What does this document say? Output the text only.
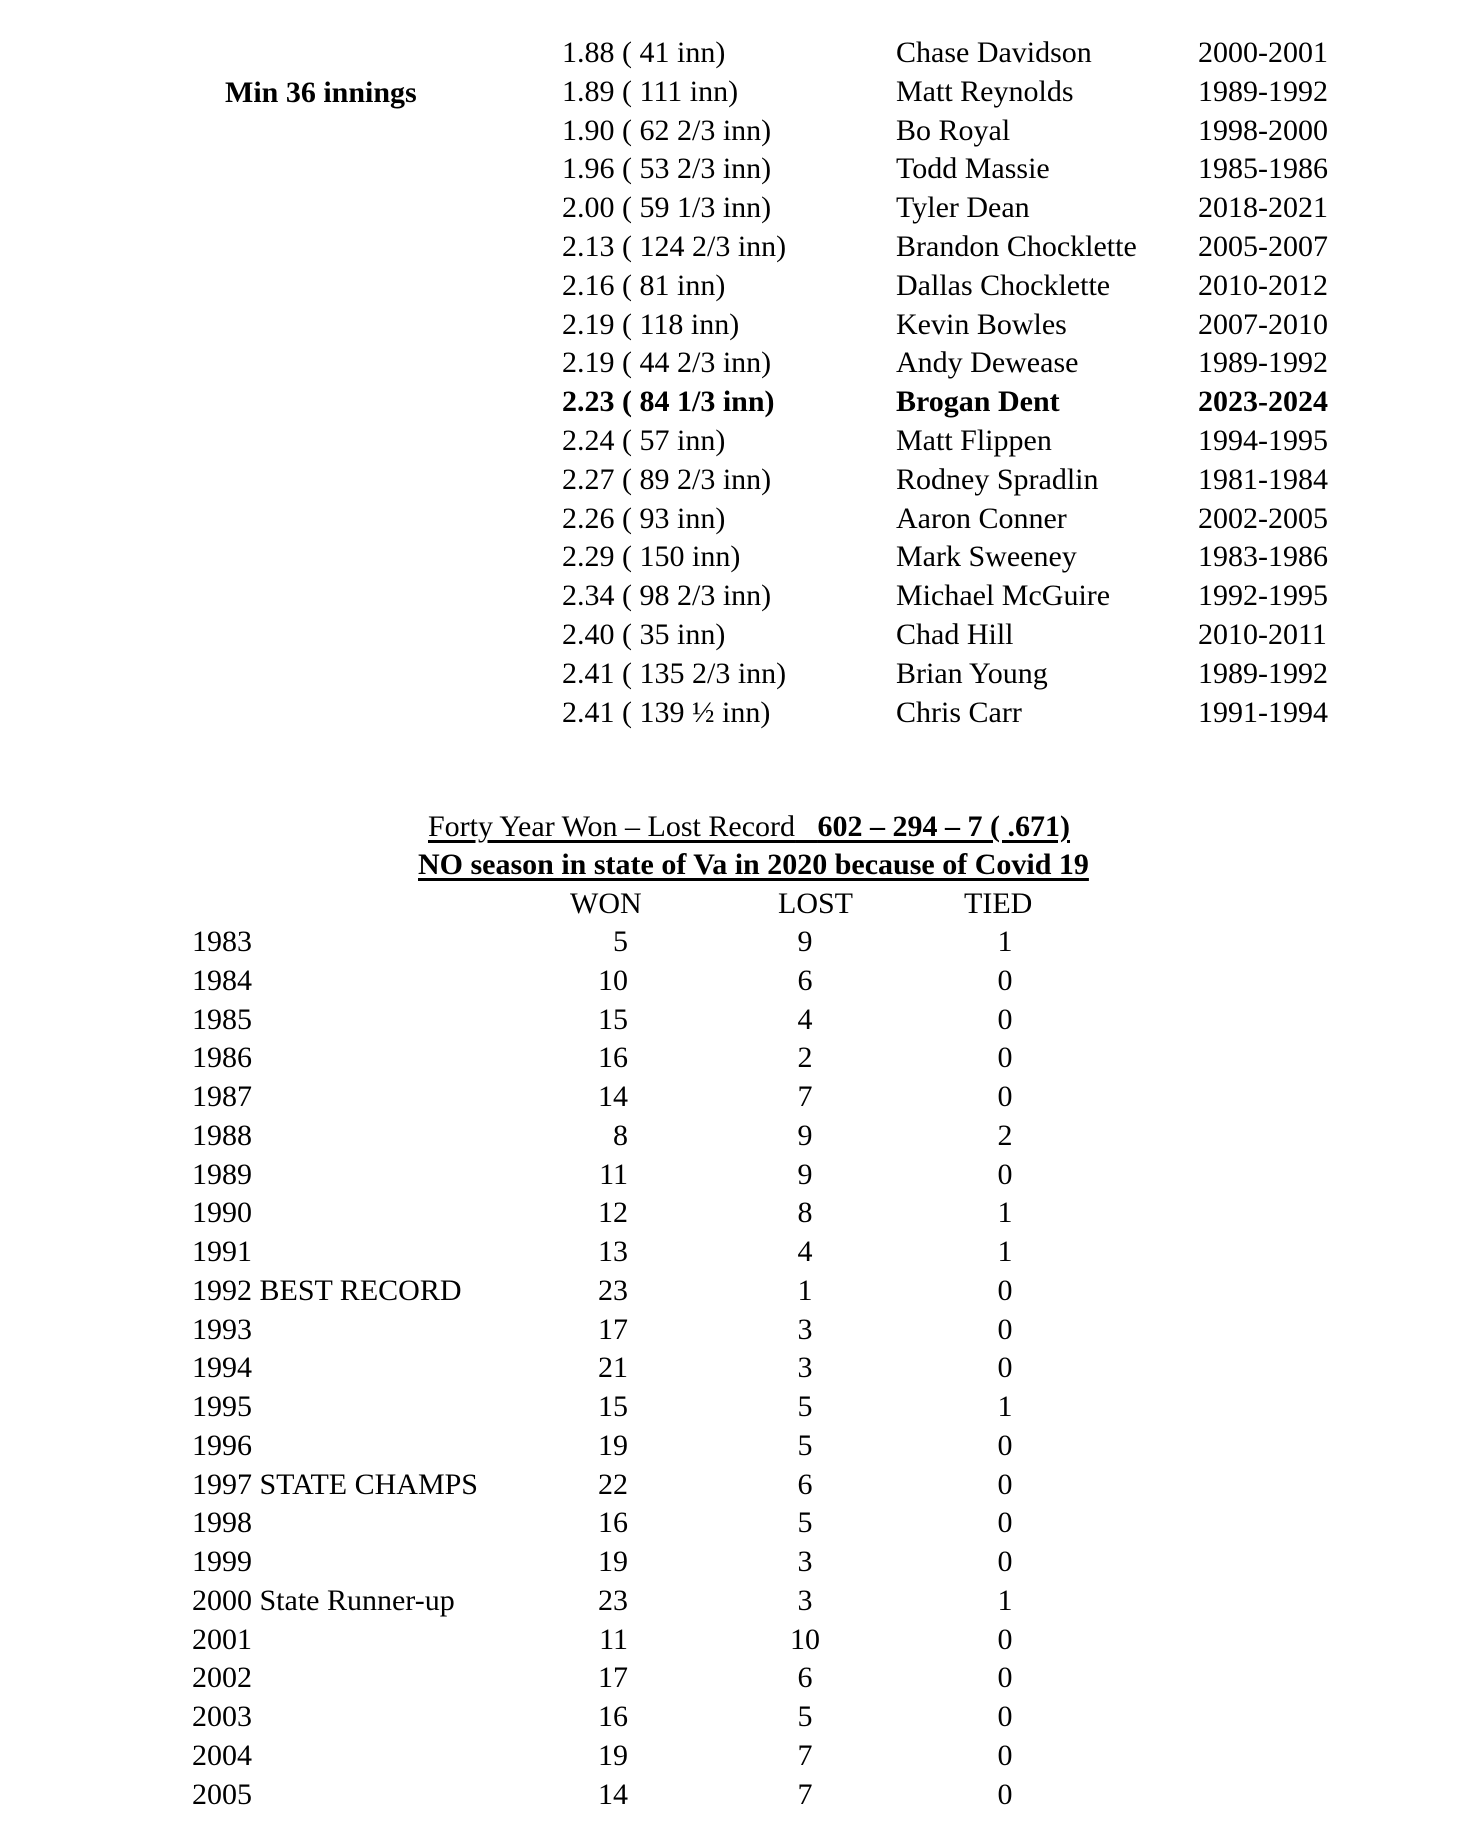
Min 36 innings
1.88 ( 41 inn)	Chase Davidson	2000-2001
1.89 ( 111 inn)	Matt Reynolds	1989-1992
1.90 ( 62 2/3 inn)	Bo Royal	1998-2000
1.96 ( 53 2/3 inn)	Todd Massie	1985-1986
2.00 ( 59 1/3 inn)	Tyler Dean	2018-2021
2.13 ( 124 2/3 inn)	Brandon Chocklette 2005-2007
2.16 ( 81 inn)	Dallas Chocklette	2010-2012
2.19 ( 118 inn)	Kevin Bowles	2007-2010
2.19 ( 44 2/3 inn)	Andy Dewease	1989-1992
2.23 ( 84 1/3 inn)	Brogan Dent	2023-2024
2.24 ( 57 inn)	Matt Flippen	1994-1995
2.27 ( 89 2/3 inn)	Rodney Spradlin	1981-1984
2.26 ( 93 inn)	Aaron Conner	2002-2005
2.29 ( 150 inn)	Mark Sweeney	1983-1986
2.34 ( 98 2/3 inn)	Michael McGuire	1992-1995
2.40 ( 35 inn)	Chad Hill	2010-2011
2.41 ( 135 2/3 inn)	Brian Young	1989-1992
2.41 ( 139 ½ inn)	Chris Carr	1991-1994
Forty Year Won – Lost Record 602 – 294 – 7 ( .671)
NO season in state of Va in 2020 because of Covid 19
WON	LOST	TIED
1983	5	9	1
1984	10	6	0
1985	15	4	0
1986	16	2	0
1987	14	7	0
1988	8	9	2
1989	11	9	0
1990	12	8	1
1991	13	4	1
1992 BEST RECORD	23	1	0
1993	17	3	0
1994	21	3	0
1995	15	5	1
1996	19	5	0
1997 STATE CHAMPS	22	6	0
1998	16	5	0
1999	19	3	0
2000 State Runner-up	23	3	1
2001	11	10	0
2002	17	6	0
2003	16	5	0
2004	19	7	0
2005	14	7	0
